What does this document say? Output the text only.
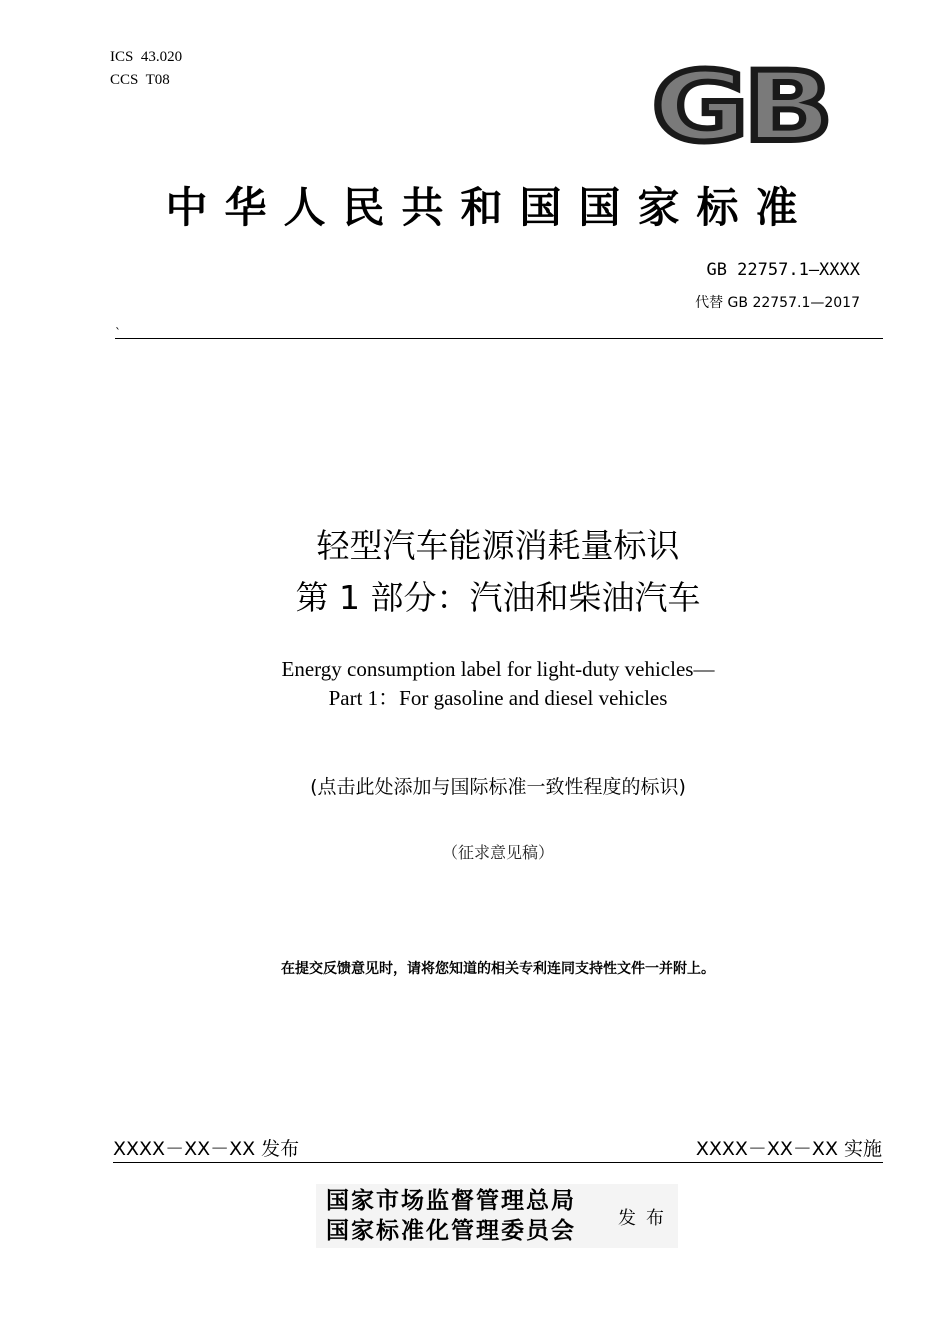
ICS  43.020
CCS  T08	GB
中华人民共和国国家标准
GB 22757.1—XXXX
代替 GB 22757.1—2017
`
轻型汽车能源消耗量标识
第 1 部分：汽油和柴油汽车
Energy consumption label for light-duty vehicles—
Part 1：For gasoline and diesel vehicles
(点击此处添加与国际标准一致性程度的标识)
（征求意见稿）
在提交反馈意见时，请将您知道的相关专利连同支持性文件一并附上。
XXXX－XX－XX 发布	XXXX－XX－XX 实施
国家市场监督管理总局
国家标准化管理委员会 发布
